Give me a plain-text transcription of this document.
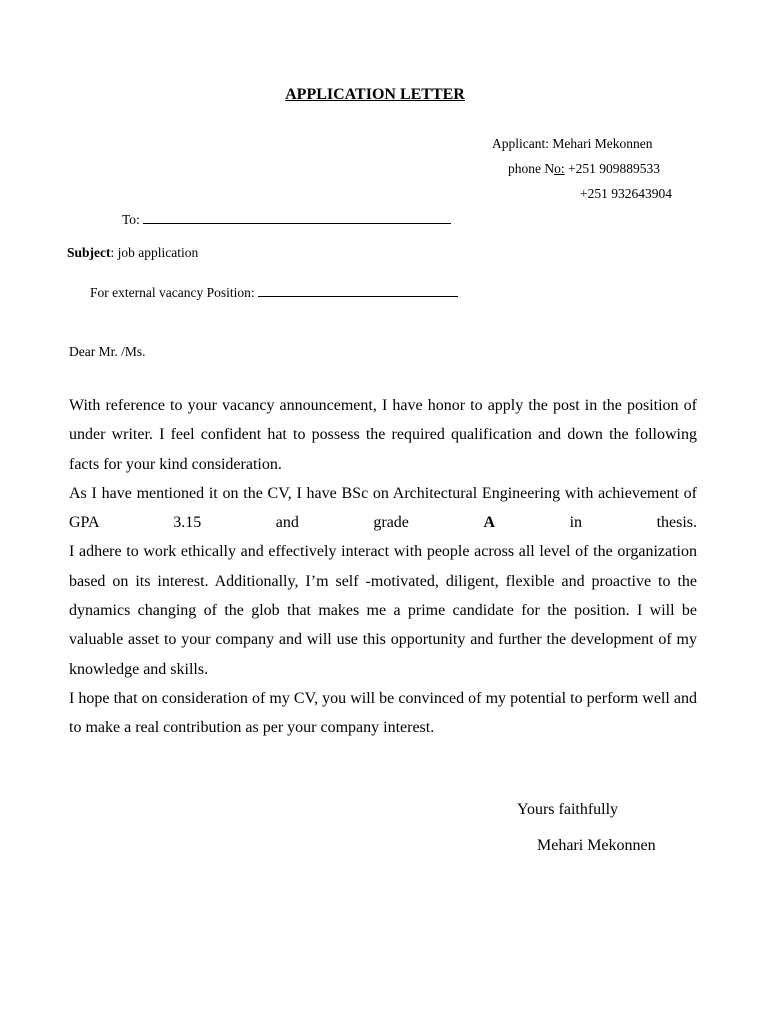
APPLICATION LETTER
Applicant: Mehari Mekonnen
phone No: +251 909889533
+251 932643904
To:
Subject: job application
For external vacancy Position:
Dear Mr. /Ms.

With reference to your vacancy announcement, I have honor to apply the post in the position of under writer. I feel confident hat to possess the required qualification and down the following facts for your kind consideration.

As I have mentioned it on the CV, I have BSc on Architectural Engineering with achievement of GPA 3.15 and grade	A	in thesis.

I adhere to work ethically and effectively interact with people across all level of the organization based on its interest. Additionally, I’m self -motivated, diligent, flexible and proactive to the dynamics changing of the glob that makes me a prime candidate for the position. I will be valuable asset to your company and will use this opportunity and further the development of my knowledge and skills.

I hope that on consideration of my CV, you will be convinced of my potential to perform well and to make a real contribution as per your company interest.

Yours faithfully
Mehari Mekonnen
